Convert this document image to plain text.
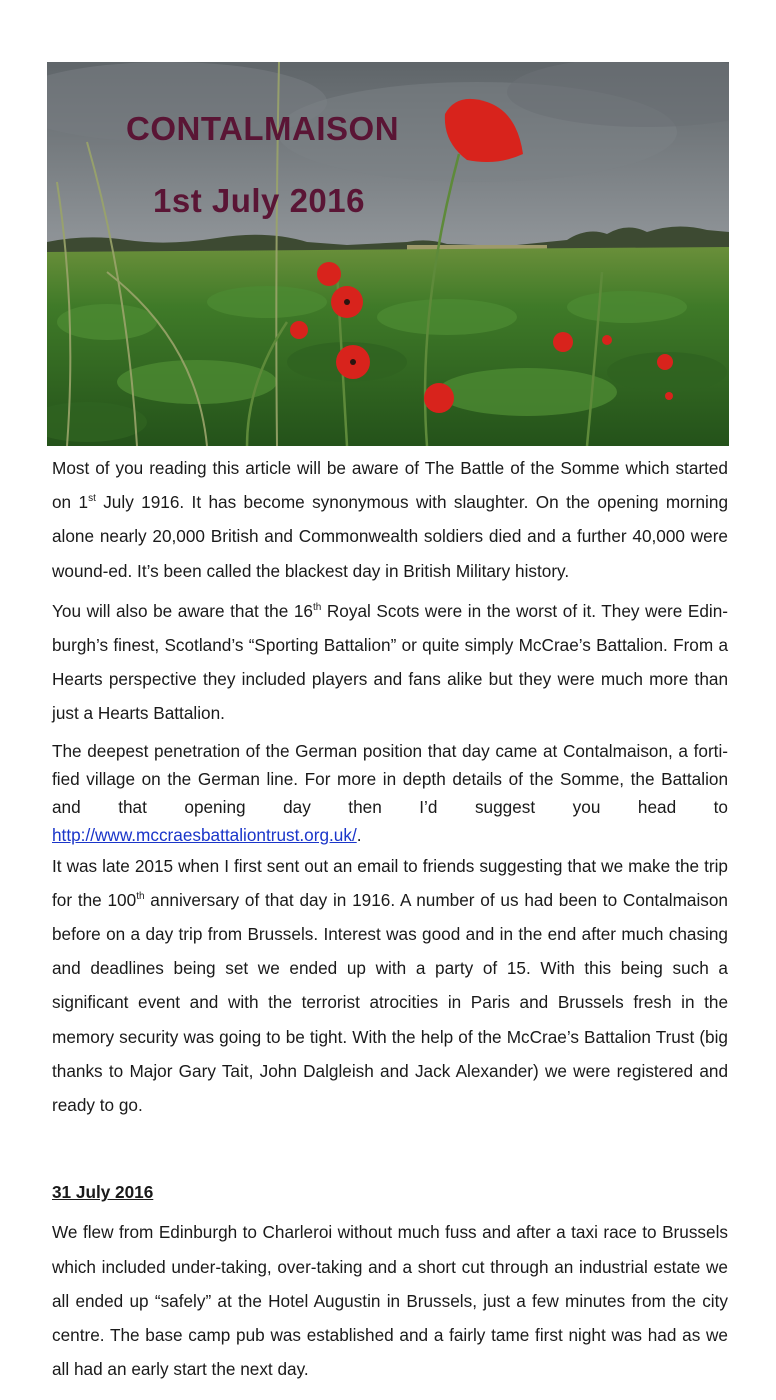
CONTALMAISON
1st July 2016

Most of you reading this article will be aware of The Battle of the Somme which started on 1st July 1916. It has become synonymous with slaughter. On the opening morning alone nearly 20,000 British and Commonwealth soldiers died and a further 40,000 were wound-ed. It’s been called the blackest day in British Military history.

You will also be aware that the 16th Royal Scots were in the worst of it. They were Edin-burgh’s finest, Scotland’s “Sporting Battalion” or quite simply McCrae’s Battalion. From a Hearts perspective they included players and fans alike but they were much more than just a Hearts Battalion.

The deepest penetration of the German position that day came at Contalmaison, a forti-fied village on the German line. For more in depth details of the Somme, the Battalion and that opening day then I’d suggest you head to http://www.mccraesbattaliontrust.org.uk/.

It was late 2015 when I first sent out an email to friends suggesting that we make the trip for the 100th anniversary of that day in 1916. A number of us had been to Contalmaison before on a day trip from Brussels. Interest was good and in the end after much chasing and deadlines being set we ended up with a party of 15. With this being such a significant event and with the terrorist atrocities in Paris and Brussels fresh in the memory security was going to be tight. With the help of the McCrae’s Battalion Trust (big thanks to Major Gary Tait, John Dalgleish and Jack Alexander) we were registered and ready to go.

31 July 2016

We flew from Edinburgh to Charleroi without much fuss and after a taxi race to Brussels which included under-taking, over-taking and a short cut through an industrial estate we all ended up “safely” at the Hotel Augustin in Brussels, just a few minutes from the city centre. The base camp pub was established and a fairly tame first night was had as we all had an early start the next day.
